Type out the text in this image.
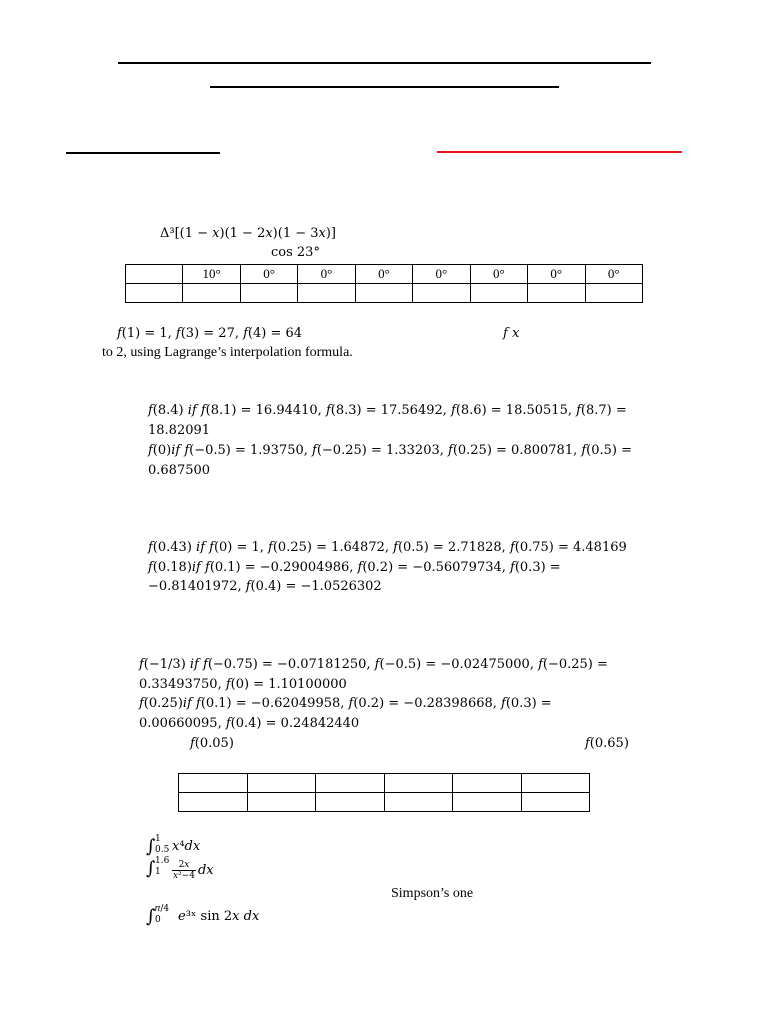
Δ³[(1 − 𝑥)(1 − 2𝑥)(1 − 3𝑥)]
cos 23°
	10°	0°	0°	0°	0°	0°	0°	0°

𝑓(1) = 1, 𝑓(3) = 27, 𝑓(4) = 64	𝑓 𝑥
to 2, using Lagrange’s interpolation formula.
𝑓(8.4) 𝑖𝑓 𝑓(8.1) = 16.94410, 𝑓(8.3) = 17.56492, 𝑓(8.6) = 18.50515, 𝑓(8.7) =
18.82091
𝑓(0)𝑖𝑓 𝑓(−0.5) = 1.93750, 𝑓(−0.25) = 1.33203, 𝑓(0.25) = 0.800781, 𝑓(0.5) =
0.687500
𝑓(0.43) 𝑖𝑓 𝑓(0) = 1, 𝑓(0.25) = 1.64872, 𝑓(0.5) = 2.71828, 𝑓(0.75) = 4.48169
𝑓(0.18)𝑖𝑓 𝑓(0.1) = −0.29004986, 𝑓(0.2) = −0.56079734, 𝑓(0.3) =
−0.81401972, 𝑓(0.4) = −1.0526302
𝑓(−1/3) 𝑖𝑓 𝑓(−0.75) = −0.07181250, 𝑓(−0.5) = −0.02475000, 𝑓(−0.25) =
0.33493750, 𝑓(0) = 1.10100000
𝑓(0.25)𝑖𝑓 𝑓(0.1) = −0.62049958, 𝑓(0.2) = −0.28398668, 𝑓(0.3) =
0.00660095, 𝑓(0.4) = 0.24842440
𝑓(0.05)	𝑓(0.65)

∫ 1
0.5 𝑥⁴𝑑𝑥
∫ 1.6
1	$\frac{\text{2𝑥}}{\text{𝑥²−4}}$ 𝑑𝑥
Simpson’s one
∫ 𝜋/4
0	𝑒³ˣ sin 2𝑥 𝑑𝑥
